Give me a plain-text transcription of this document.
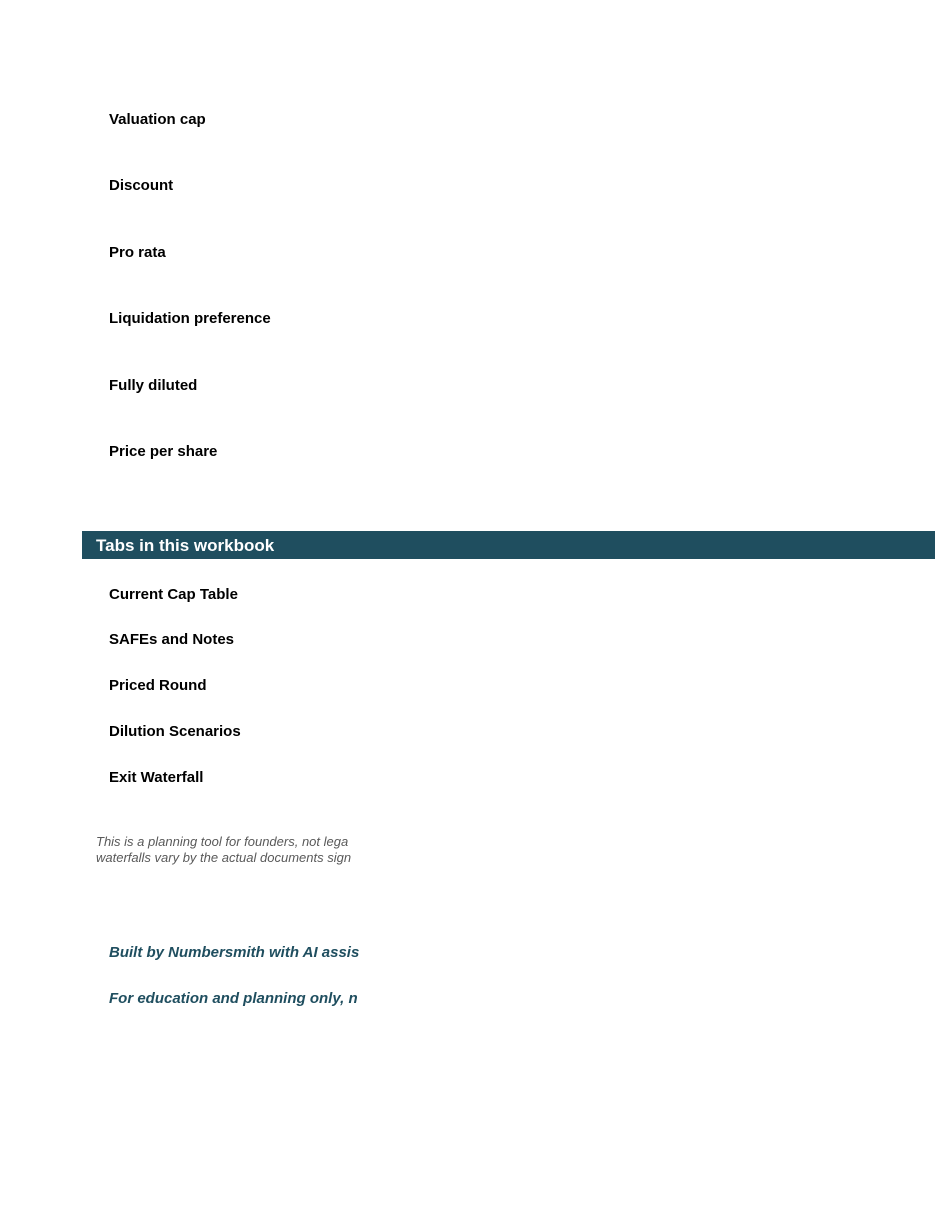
Valuation cap
Discount
Pro rata
Liquidation preference
Fully diluted
Price per share
Tabs in this workbook
Current Cap Table
SAFEs and Notes
Priced Round
Dilution Scenarios
Exit Waterfall
This is a planning tool for founders, not lega
waterfalls vary by the actual documents sign
Built by Numbersmith with AI assis
For education and planning only, n
